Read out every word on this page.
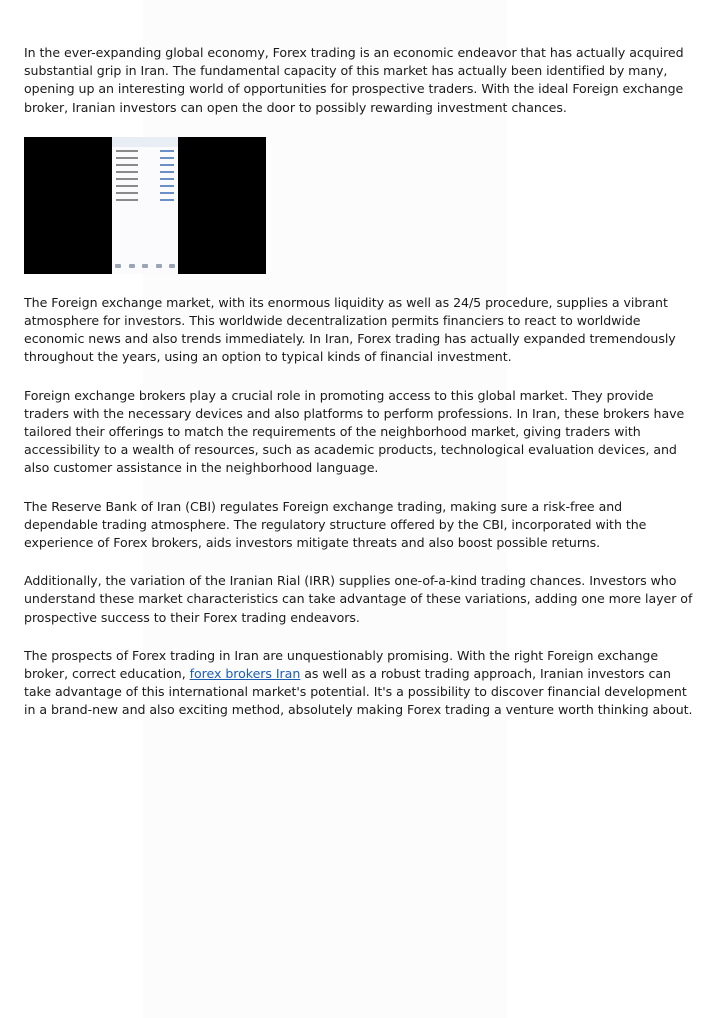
In the ever-expanding global economy, Forex trading is an economic endeavor that has actually acquired substantial grip in Iran. The fundamental capacity of this market has actually been identified by many, opening up an interesting world of opportunities for prospective traders. With the ideal Foreign exchange broker, Iranian investors can open the door to possibly rewarding investment chances.

The Foreign exchange market, with its enormous liquidity as well as 24/5 procedure, supplies a vibrant atmosphere for investors. This worldwide decentralization permits financiers to react to worldwide economic news and also trends immediately. In Iran, Forex trading has actually expanded tremendously throughout the years, using an option to typical kinds of financial investment.

Foreign exchange brokers play a crucial role in promoting access to this global market. They provide traders with the necessary devices and also platforms to perform professions. In Iran, these brokers have tailored their offerings to match the requirements of the neighborhood market, giving traders with accessibility to a wealth of resources, such as academic products, technological evaluation devices, and also customer assistance in the neighborhood language.

The Reserve Bank of Iran (CBI) regulates Foreign exchange trading, making sure a risk-free and dependable trading atmosphere. The regulatory structure offered by the CBI, incorporated with the experience of Forex brokers, aids investors mitigate threats and also boost possible returns.

Additionally, the variation of the Iranian Rial (IRR) supplies one-of-a-kind trading chances. Investors who understand these market characteristics can take advantage of these variations, adding one more layer of prospective success to their Forex trading endeavors.

The prospects of Forex trading in Iran are unquestionably promising. With the right Foreign exchange broker, correct education, forex brokers Iran as well as a robust trading approach, Iranian investors can take advantage of this international market's potential. It's a possibility to discover financial development in a brand-new and also exciting method, absolutely making Forex trading a venture worth thinking about.
